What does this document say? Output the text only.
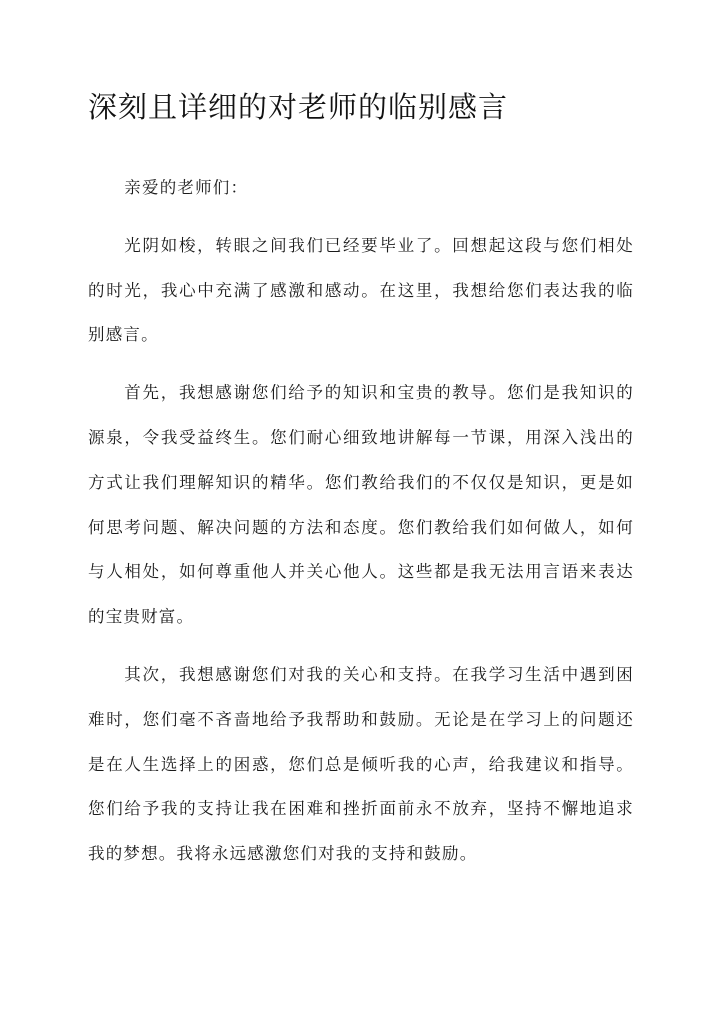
深刻且详细的对老师的临别感言

亲爱的老师们：

光阴如梭，转眼之间我们已经要毕业了。回想起这段与您们相处的时光，我心中充满了感激和感动。在这里，我想给您们表达我的临别感言。

首先，我想感谢您们给予的知识和宝贵的教导。您们是我知识的源泉，令我受益终生。您们耐心细致地讲解每一节课，用深入浅出的方式让我们理解知识的精华。您们教给我们的不仅仅是知识，更是如何思考问题、解决问题的方法和态度。您们教给我们如何做人，如何与人相处，如何尊重他人并关心他人。这些都是我无法用言语来表达的宝贵财富。

其次，我想感谢您们对我的关心和支持。在我学习生活中遇到困难时，您们毫不吝啬地给予我帮助和鼓励。无论是在学习上的问题还是在人生选择上的困惑，您们总是倾听我的心声，给我建议和指导。您们给予我的支持让我在困难和挫折面前永不放弃，坚持不懈地追求我的梦想。我将永远感激您们对我的支持和鼓励。
